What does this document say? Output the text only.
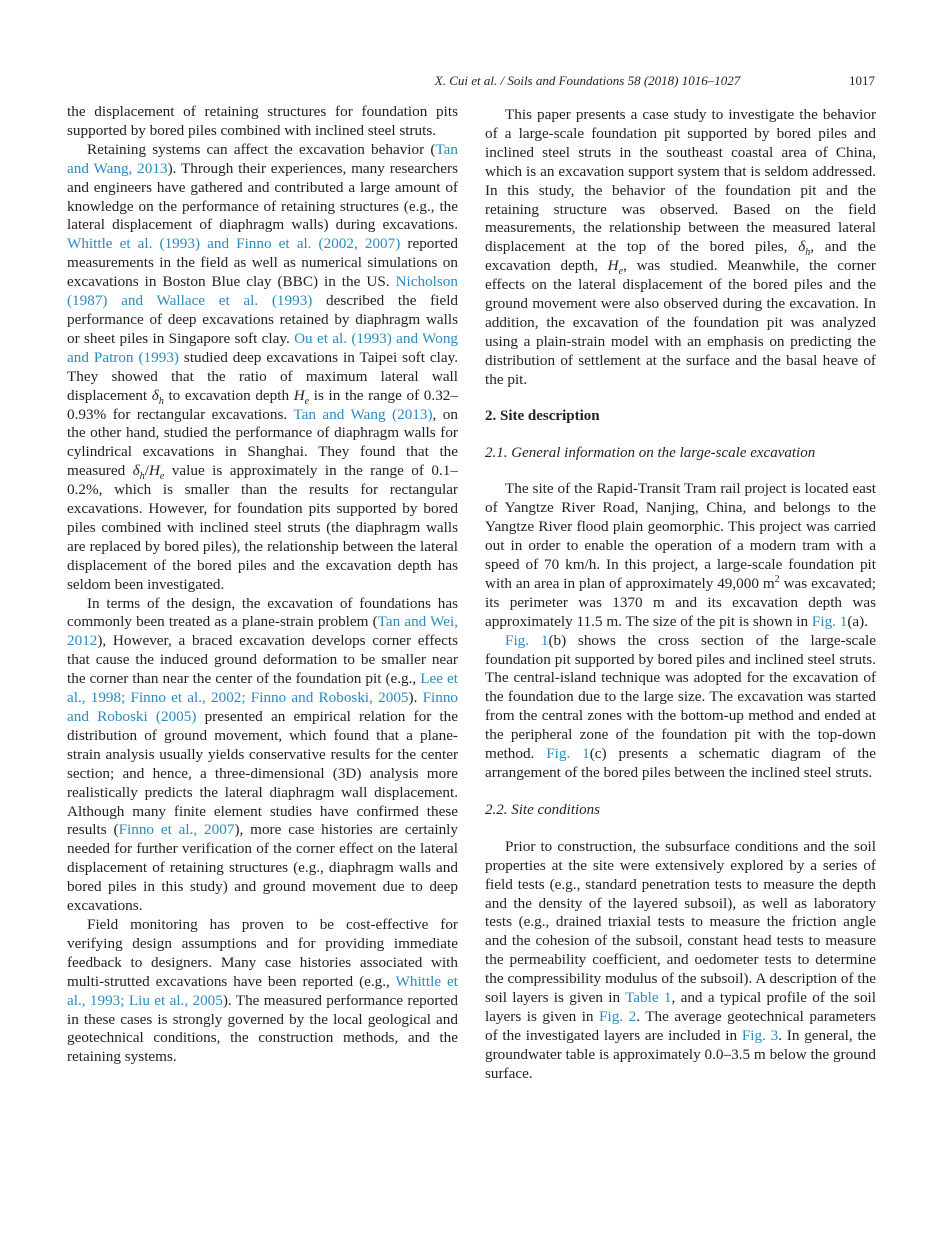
X. Cui et al. / Soils and Foundations 58 (2018) 1016–1027	1017

the displacement of retaining structures for foundation pits supported by bored piles combined with inclined steel struts.

Retaining systems can affect the excavation behavior (Tan and Wang, 2013). Through their experiences, many researchers and engineers have gathered and contributed a large amount of knowledge on the performance of retaining structures (e.g., the lateral displacement of diaphragm walls) during excavations. Whittle et al. (1993) and Finno et al. (2002, 2007) reported measurements in the field as well as numerical simulations on excavations in Boston Blue clay (BBC) in the US. Nicholson (1987) and Wallace et al. (1993) described the field performance of deep excavations retained by diaphragm walls or sheet piles in Singapore soft clay. Ou et al. (1993) and Wong and Patron (1993) studied deep excavations in Taipei soft clay. They showed that the ratio of maximum lateral wall displacement $\delta_h$ to excavation depth $H_e$ is in the range of 0.32–0.93% for rectangular excavations. Tan and Wang (2013), on the other hand, studied the performance of diaphragm walls for cylindrical excavations in Shanghai. They found that the measured $\delta_h/H_e$ value is approximately in the range of 0.1–0.2%, which is smaller than the results for rectangular excavations. However, for foundation pits supported by bored piles combined with inclined steel struts (the diaphragm walls are replaced by bored piles), the relationship between the lateral displacement of the bored piles and the excavation depth has seldom been investigated.

In terms of the design, the excavation of foundations has commonly been treated as a plane-strain problem (Tan and Wei, 2012), However, a braced excavation develops corner effects that cause the induced ground deformation to be smaller near the corner than near the center of the foundation pit (e.g., Lee et al., 1998; Finno et al., 2002; Finno and Roboski, 2005). Finno and Roboski (2005) presented an empirical relation for the distribution of ground movement, which found that a plane-strain analysis usually yields conservative results for the center section; and hence, a three-dimensional (3D) analysis more realistically predicts the lateral diaphragm wall displacement. Although many finite element studies have confirmed these results (Finno et al., 2007), more case histories are certainly needed for further verification of the corner effect on the lateral displacement of retaining structures (e.g., diaphragm walls and bored piles in this study) and ground movement due to deep excavations.

Field monitoring has proven to be cost-effective for verifying design assumptions and for providing immediate feedback to designers. Many case histories associated with multi-strutted excavations have been reported (e.g., Whittle et al., 1993; Liu et al., 2005). The measured performance reported in these cases is strongly governed by the local geological and geotechnical conditions, the construction methods, and the retaining systems.

This paper presents a case study to investigate the behavior of a large-scale foundation pit supported by bored piles and inclined steel struts in the southeast coastal area of China, which is an excavation support system that is seldom addressed. In this study, the behavior of the foundation pit and the retaining structure was observed. Based on the field measurements, the relationship between the measured lateral displacement at the top of the bored piles, $\delta_h$, and the excavation depth, $H_e$, was studied. Meanwhile, the corner effects on the lateral displacement of the bored piles and the ground movement were also observed during the excavation. In addition, the excavation of the foundation pit was analyzed using a plain-strain model with an emphasis on predicting the distribution of settlement at the surface and the basal heave of the pit.

2. Site description
2.1. General information on the large-scale excavation

The site of the Rapid-Transit Tram rail project is located east of Yangtze River Road, Nanjing, China, and belongs to the Yangtze River flood plain geomorphic. This project was carried out in order to enable the operation of a modern tram with a speed of 70 km/h. In this project, a large-scale foundation pit with an area in plan of approximately 49,000 $m^2$ was excavated; its perimeter was 1370 m and its excavation depth was approximately 11.5 m. The size of the pit is shown in Fig. 1(a).

Fig. 1(b) shows the cross section of the large-scale foundation pit supported by bored piles and inclined steel struts. The central-island technique was adopted for the excavation of the foundation due to the large size. The excavation was started from the central zones with the bottom-up method and ended at the peripheral zone of the foundation pit with the top-down method. Fig. 1(c) presents a schematic diagram of the arrangement of the bored piles between the inclined steel struts.

2.2. Site conditions

Prior to construction, the subsurface conditions and the soil properties at the site were extensively explored by a series of field tests (e.g., standard penetration tests to measure the depth and the density of the layered subsoil), as well as laboratory tests (e.g., drained triaxial tests to measure the friction angle and the cohesion of the subsoil, constant head tests to measure the permeability coefficient, and oedometer tests to determine the compressibility modulus of the subsoil). A description of the soil layers is given in Table 1, and a typical profile of the soil layers is given in Fig. 2. The average geotechnical parameters of the investigated layers are included in Fig. 3. In general, the groundwater table is approximately 0.0–3.5 m below the ground surface.
